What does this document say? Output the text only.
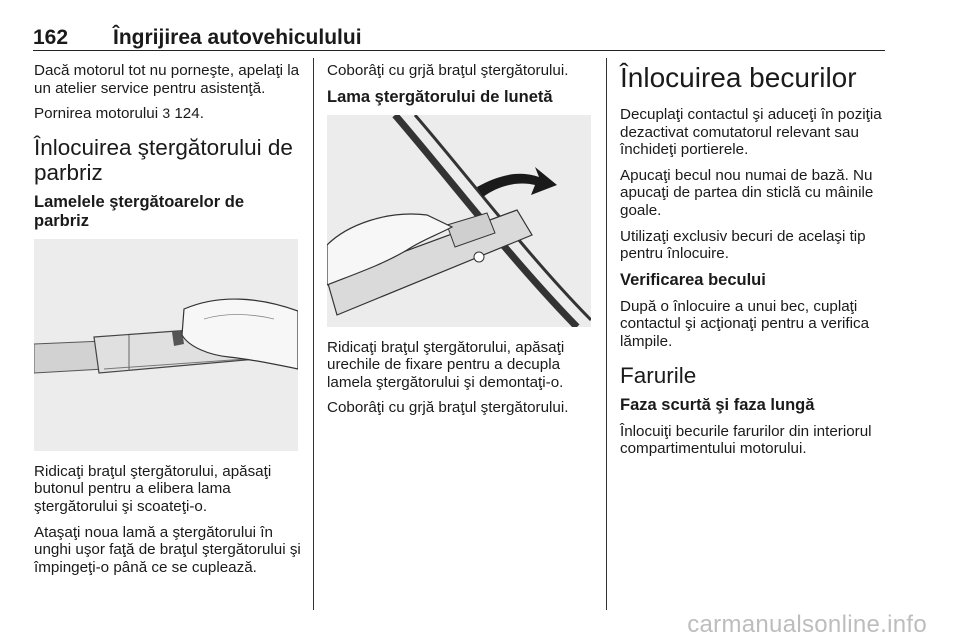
162 Îngrijirea autovehiculului

Dacă motorul tot nu porneşte, apelaţi la un atelier service pentru asistenţă.

Pornirea motorului 3 124.

Înlocuirea ştergătorului de parbriz
Lamelele ştergătoarelor de parbriz

Ridicaţi braţul ştergătorului, apăsaţi butonul pentru a elibera lama ştergătorului şi scoateţi-o.

Ataşaţi noua lamă a ştergătorului în unghi uşor faţă de braţul ştergătorului şi împingeţi-o până ce se cuplează.

Coborâţi cu grjă braţul ştergătorului.

Lama ştergătorului de lunetă

Ridicaţi braţul ştergătorului, apăsaţi urechile de fixare pentru a decupla lamela ştergătorului şi demontaţi-o.

Coborâţi cu grjă braţul ştergătorului.

Înlocuirea becurilor

Decuplaţi contactul şi aduceţi în poziţia dezactivat comutatorul relevant sau închideţi portierele.

Apucaţi becul nou numai de bază. Nu apucaţi de partea din sticlă cu mâinile goale.

Utilizaţi exclusiv becuri de acelaşi tip pentru înlocuire.

Verificarea becului

După o înlocuire a unui bec, cuplaţi contactul şi acţionaţi pentru a verifica lămpile.

Farurile
Faza scurtă şi faza lungă

Înlocuiţi becurile farurilor din interiorul compartimentului motorului.

carmanualsonline.info
